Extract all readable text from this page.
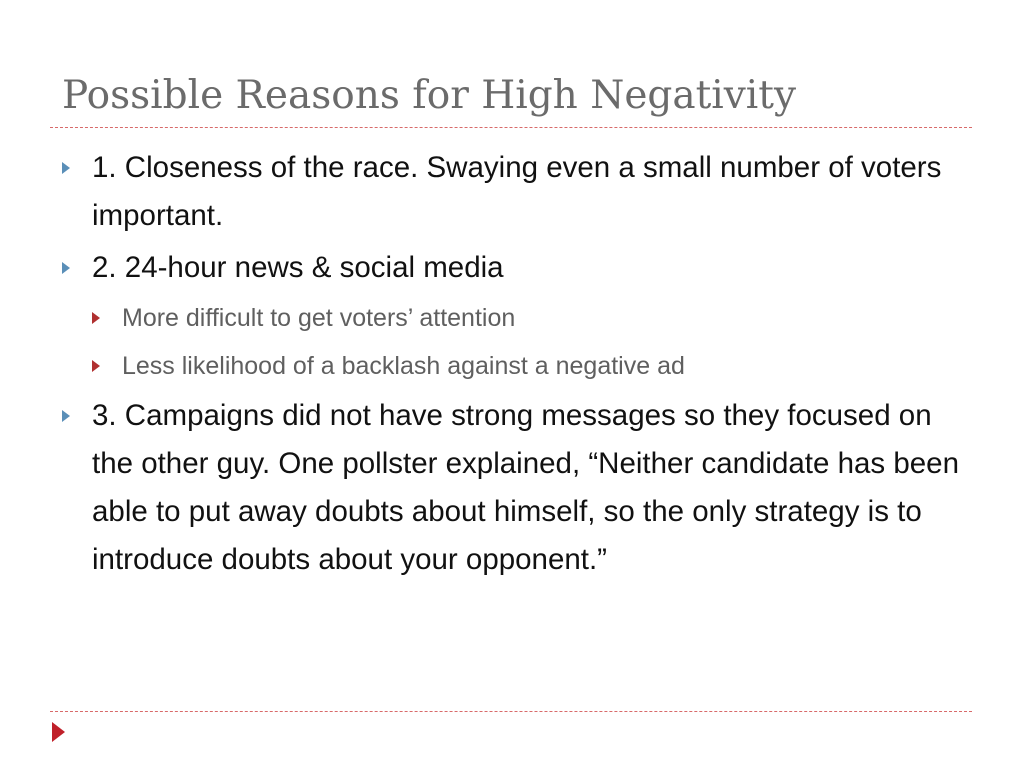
Possible Reasons for High Negativity
1. Closeness of the race. Swaying even a small number of voters important.
2. 24-hour news & social media
More difficult to get voters’ attention
Less likelihood of a backlash against a negative ad
3. Campaigns did not have strong messages so they focused on the other guy. One pollster explained, “Neither candidate has been able to put away doubts about himself, so the only strategy is to introduce doubts about your opponent.”
